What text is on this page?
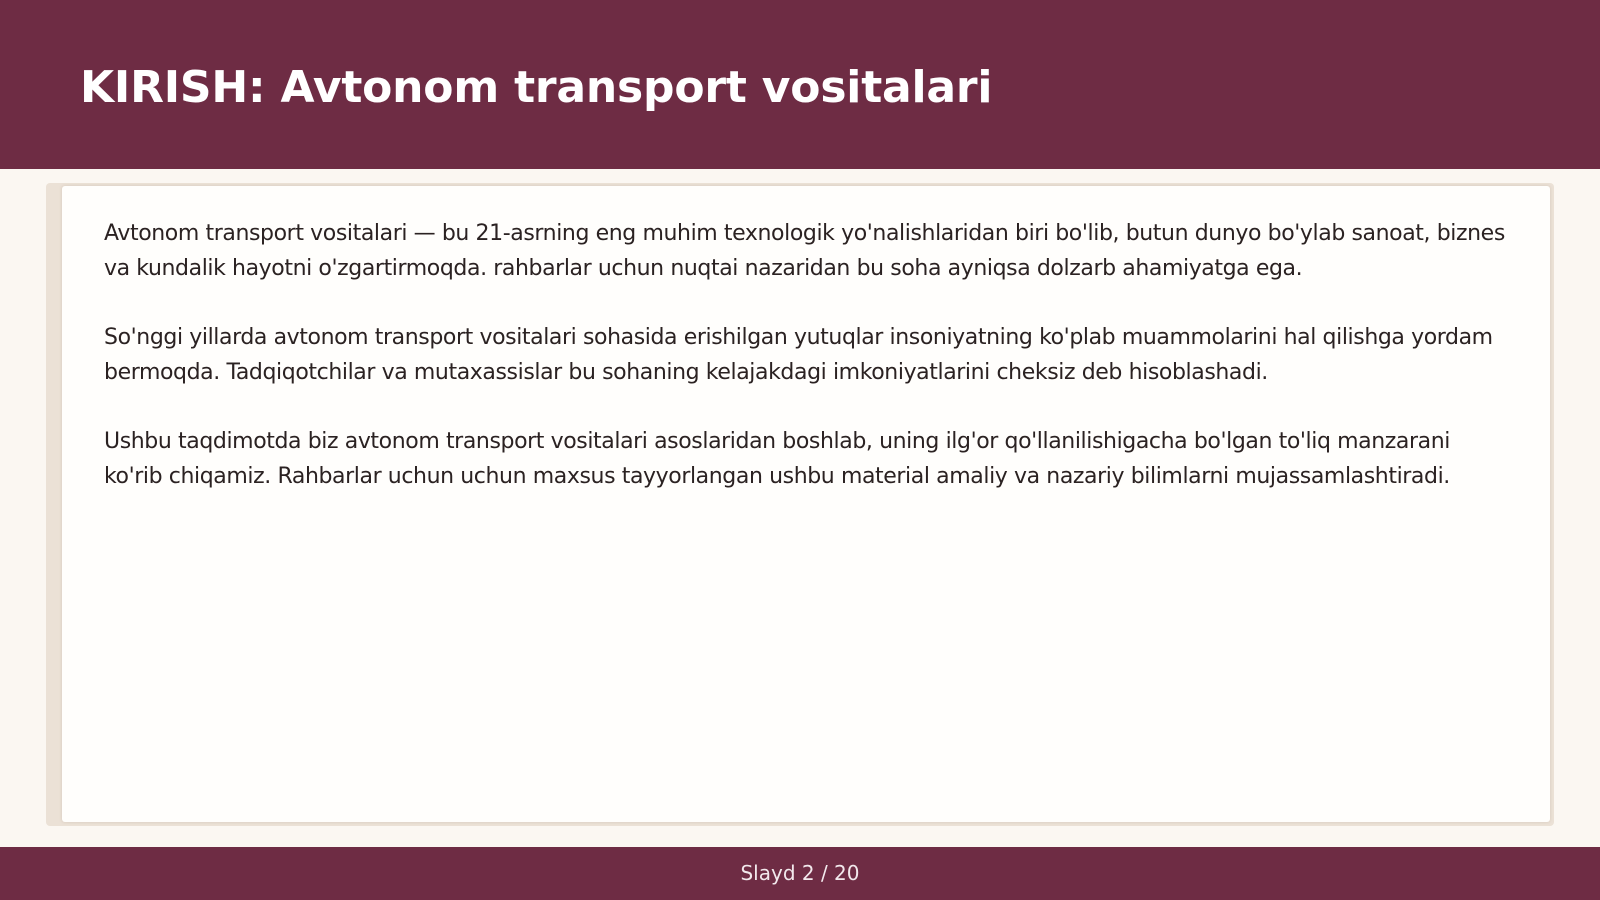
KIRISH: Avtonom transport vositalari

Avtonom transport vositalari — bu 21-asrning eng muhim texnologik yo'nalishlaridan biri bo'lib, butun dunyo bo'ylab sanoat, biznes va kundalik hayotni o'zgartirmoqda. rahbarlar uchun nuqtai nazaridan bu soha ayniqsa dolzarb ahamiyatga ega.

So'nggi yillarda avtonom transport vositalari sohasida erishilgan yutuqlar insoniyatning ko'plab muammolarini hal qilishga yordam bermoqda. Tadqiqotchilar va mutaxassislar bu sohaning kelajakdagi imkoniyatlarini cheksiz deb hisoblashadi.

Ushbu taqdimotda biz avtonom transport vositalari asoslaridan boshlab, uning ilg'or qo'llanilishigacha bo'lgan to'liq manzarani ko'rib chiqamiz. Rahbarlar uchun uchun maxsus tayyorlangan ushbu material amaliy va nazariy bilimlarni mujassamlashtiradi.

Slayd 2 / 20
